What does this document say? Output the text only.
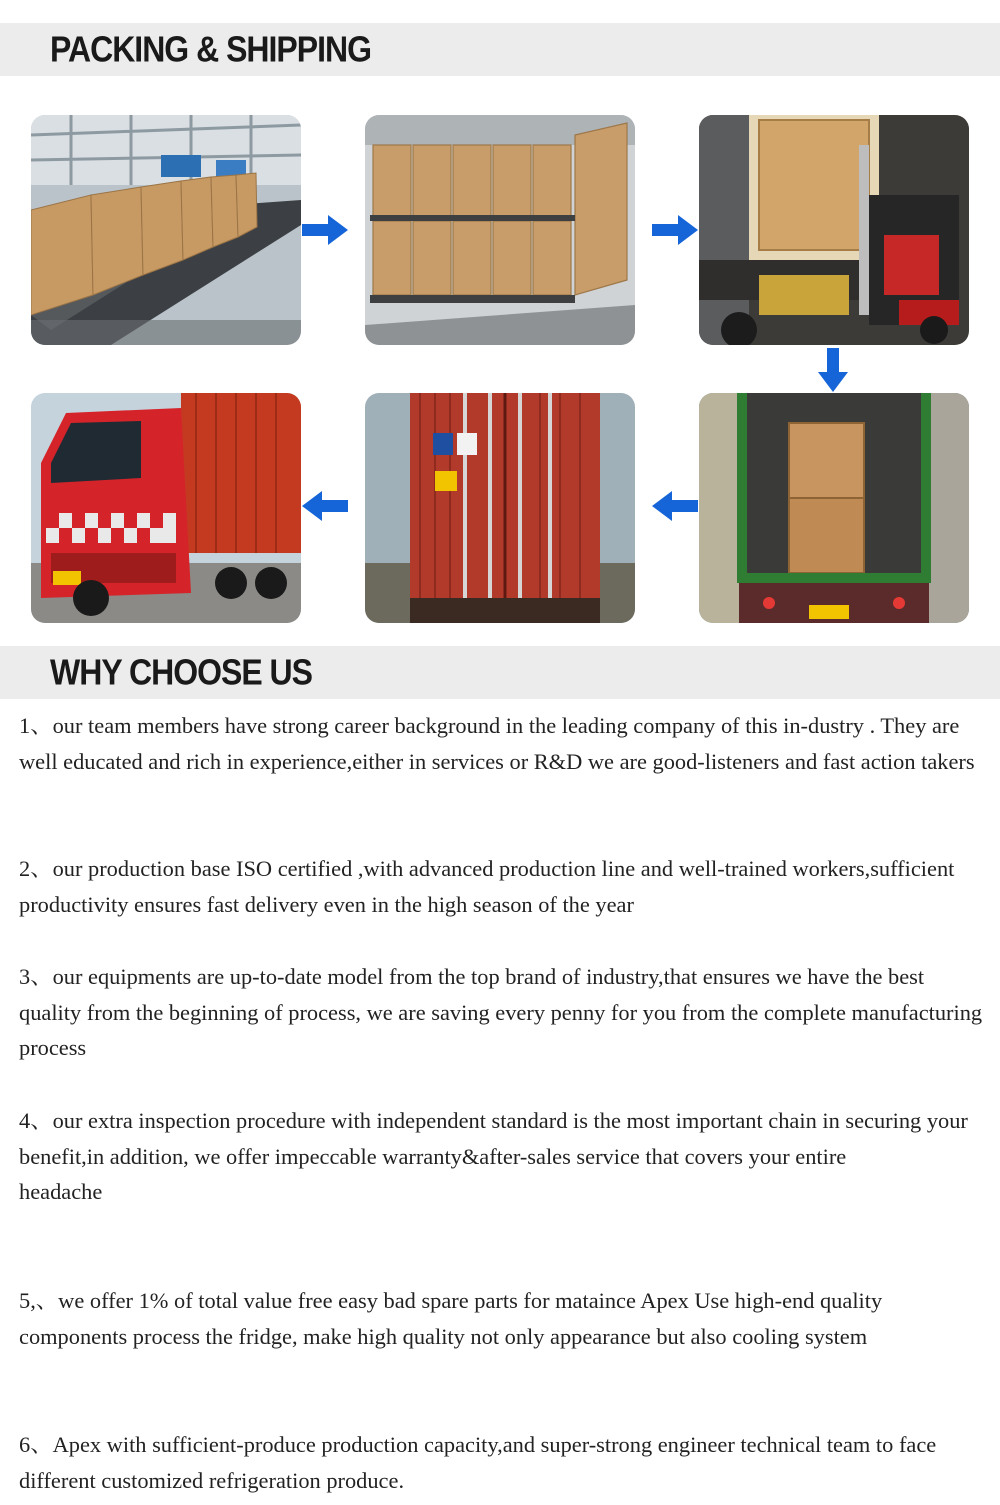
PACKING & SHIPPING
WHY CHOOSE US
1、our team members have strong career background in the leading company of this in-dustry . They are well educated and rich in experience,either in services or R&D we are good-listeners and fast action takers
2、our production base ISO certified ,with advanced production line and well-trained workers,sufficient productivity ensures fast delivery even in the high season of the year
3、our equipments are up-to-date model from the top brand of industry,that ensures we have the best quality from the beginning of process, we are saving every penny for you from the complete manufacturing process
4、our extra inspection procedure with independent standard is the most important chain in securing your benefit,in addition, we offer impeccable warranty&after-sales service that covers your entire
headache
5,、we offer 1% of total value free easy bad spare parts for mataince Apex Use high-end quality components process the fridge, make high quality not only appearance but also cooling system
6、Apex with sufficient-produce production capacity,and super-strong engineer technical team to face different customized refrigeration produce.
